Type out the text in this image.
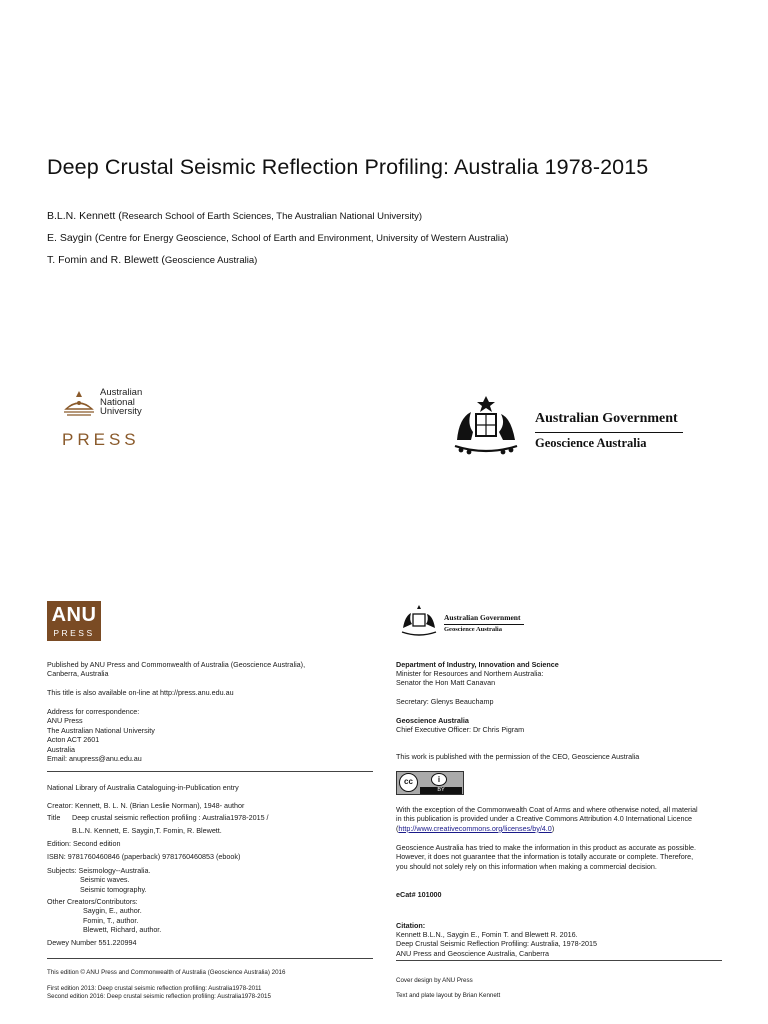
Deep Crustal Seismic Reflection Profiling: Australia 1978-2015
B.L.N. Kennett (Research School of Earth Sciences, The Australian National University)
E. Saygin (Centre for Energy Geoscience, School of Earth and Environment, University of Western Australia)
T. Fomin and R. Blewett (Geoscience Australia)
Australian
National
University
PRESS
Australian Government
Geoscience Australia
ANU
PRESS
Australian Government
Geoscience Australia
Published by ANU Press and Commonwealth of Australia (Geoscience Australia),
Canberra, Australia
This title is also available on-line at http://press.anu.edu.au
Address for correspondence:
ANU Press
The Australian National University
Acton ACT 2601
Australia
Email: anupress@anu.edu.au
National Library of Australia Cataloguing-in-Publication entry
Creator: Kennett, B. L. N. (Brian Leslie Norman), 1948- author
Title Deep crustal seismic reflection profiling : Australia1978-2015 /
B.L.N. Kennett, E. Saygin,T. Fomin, R. Blewett.
Edition: Second edition
ISBN: 9781760460846 (paperback) 9781760460853 (ebook)
Subjects: Seismology--Australia.
Seismic waves.
Seismic tomography.
Other Creators/Contributors:
Saygin, E., author.
Fomin, T., author.
Blewett, Richard, author.
Dewey Number 551.220994
This edition © ANU Press and Commonwealth of Australia (Geoscience Australia) 2016
First edition 2013: Deep crustal seismic reflection profiling: Australia1978-2011
Second edition 2016: Deep crustal seismic reflection profiling: Australia1978-2015
Department of Industry, Innovation and Science
Minister for Resources and Northern Australia:
Senator the Hon Matt Canavan
Secretary: Glenys Beauchamp
Geoscience Australia
Chief Executive Officer: Dr Chris Pigram
This work is published with the permission of the CEO, Geoscience Australia
cc	i
BY
With the exception of the Commonwealth Coat of Arms and where otherwise noted, all material
in this publication is provided under a Creative Commons Attribution 4.0 International Licence
(http://www.creativecommons.org/licenses/by/4.0)
Geoscience Australia has tried to make the information in this product as accurate as possible.
However, it does not guarantee that the information is totally accurate or complete. Therefore,
you should not solely rely on this information when making a commercial decision.
eCat# 101000
Citation:
Kennett B.L.N., Saygin E., Fomin T. and Blewett R. 2016.
Deep Crustal Seismic Reflection Profiling: Australia, 1978-2015
ANU Press and Geoscience Australia, Canberra
Cover design by ANU Press
Text and plate layout by Brian Kennett
